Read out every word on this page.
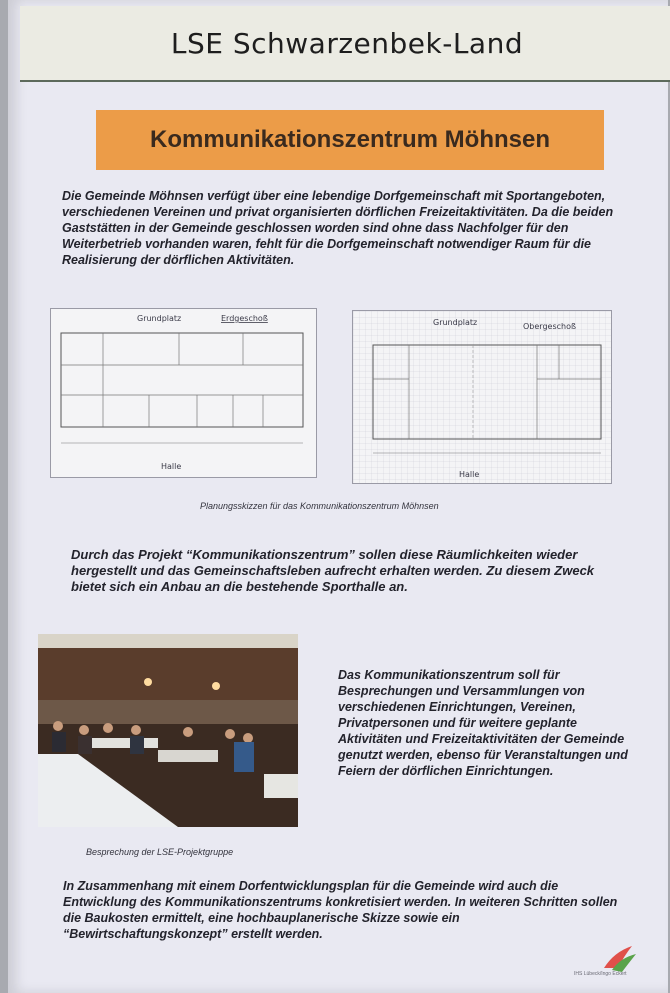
LSE Schwarzenbek-Land
Kommunikationszentrum Möhnsen

Die Gemeinde Möhnsen verfügt über eine lebendige Dorfgemeinschaft mit Sportangeboten, verschiedenen Vereinen und privat organisierten dörflichen Freizeitaktivitäten. Da die beiden Gaststätten in der Gemeinde geschlossen worden sind ohne dass Nachfolger für den Weiterbetrieb vorhanden waren, fehlt für die Dorfgemeinschaft notwendiger Raum für die Realisierung der dörflichen Aktivitäten.

Grundplatz	Erdgeschoß
Halle
Grundplatz	Obergeschoß
Halle
Planungsskizzen für das Kommunikationszentrum Möhnsen

Durch das Projekt “Kommunikationszentrum” sollen diese Räumlichkeiten wieder hergestellt und das Gemeinschaftsleben aufrecht erhalten werden. Zu diesem Zweck bietet sich ein Anbau an die bestehende Sporthalle an.

Besprechung der LSE-Projektgruppe

Das Kommunikationszentrum soll für Besprechungen und Versammlungen von verschiedenen Einrichtungen, Vereinen, Privatpersonen und für weitere geplante Aktivitäten und Freizeitaktivitäten der Gemeinde genutzt werden, ebenso für Veranstaltungen und Feiern der dörflichen Einrichtungen.

In Zusammenhang mit einem Dorfentwicklungsplan für die Gemeinde wird auch die Entwicklung des Kommunikationszentrums konkretisiert werden. In weiteren Schritten sollen die Baukosten ermittelt, eine hochbauplanerische Skizze sowie ein “Bewirtschaftungskonzept” erstellt werden.

IHS Lübeck/Ingo Eckert
